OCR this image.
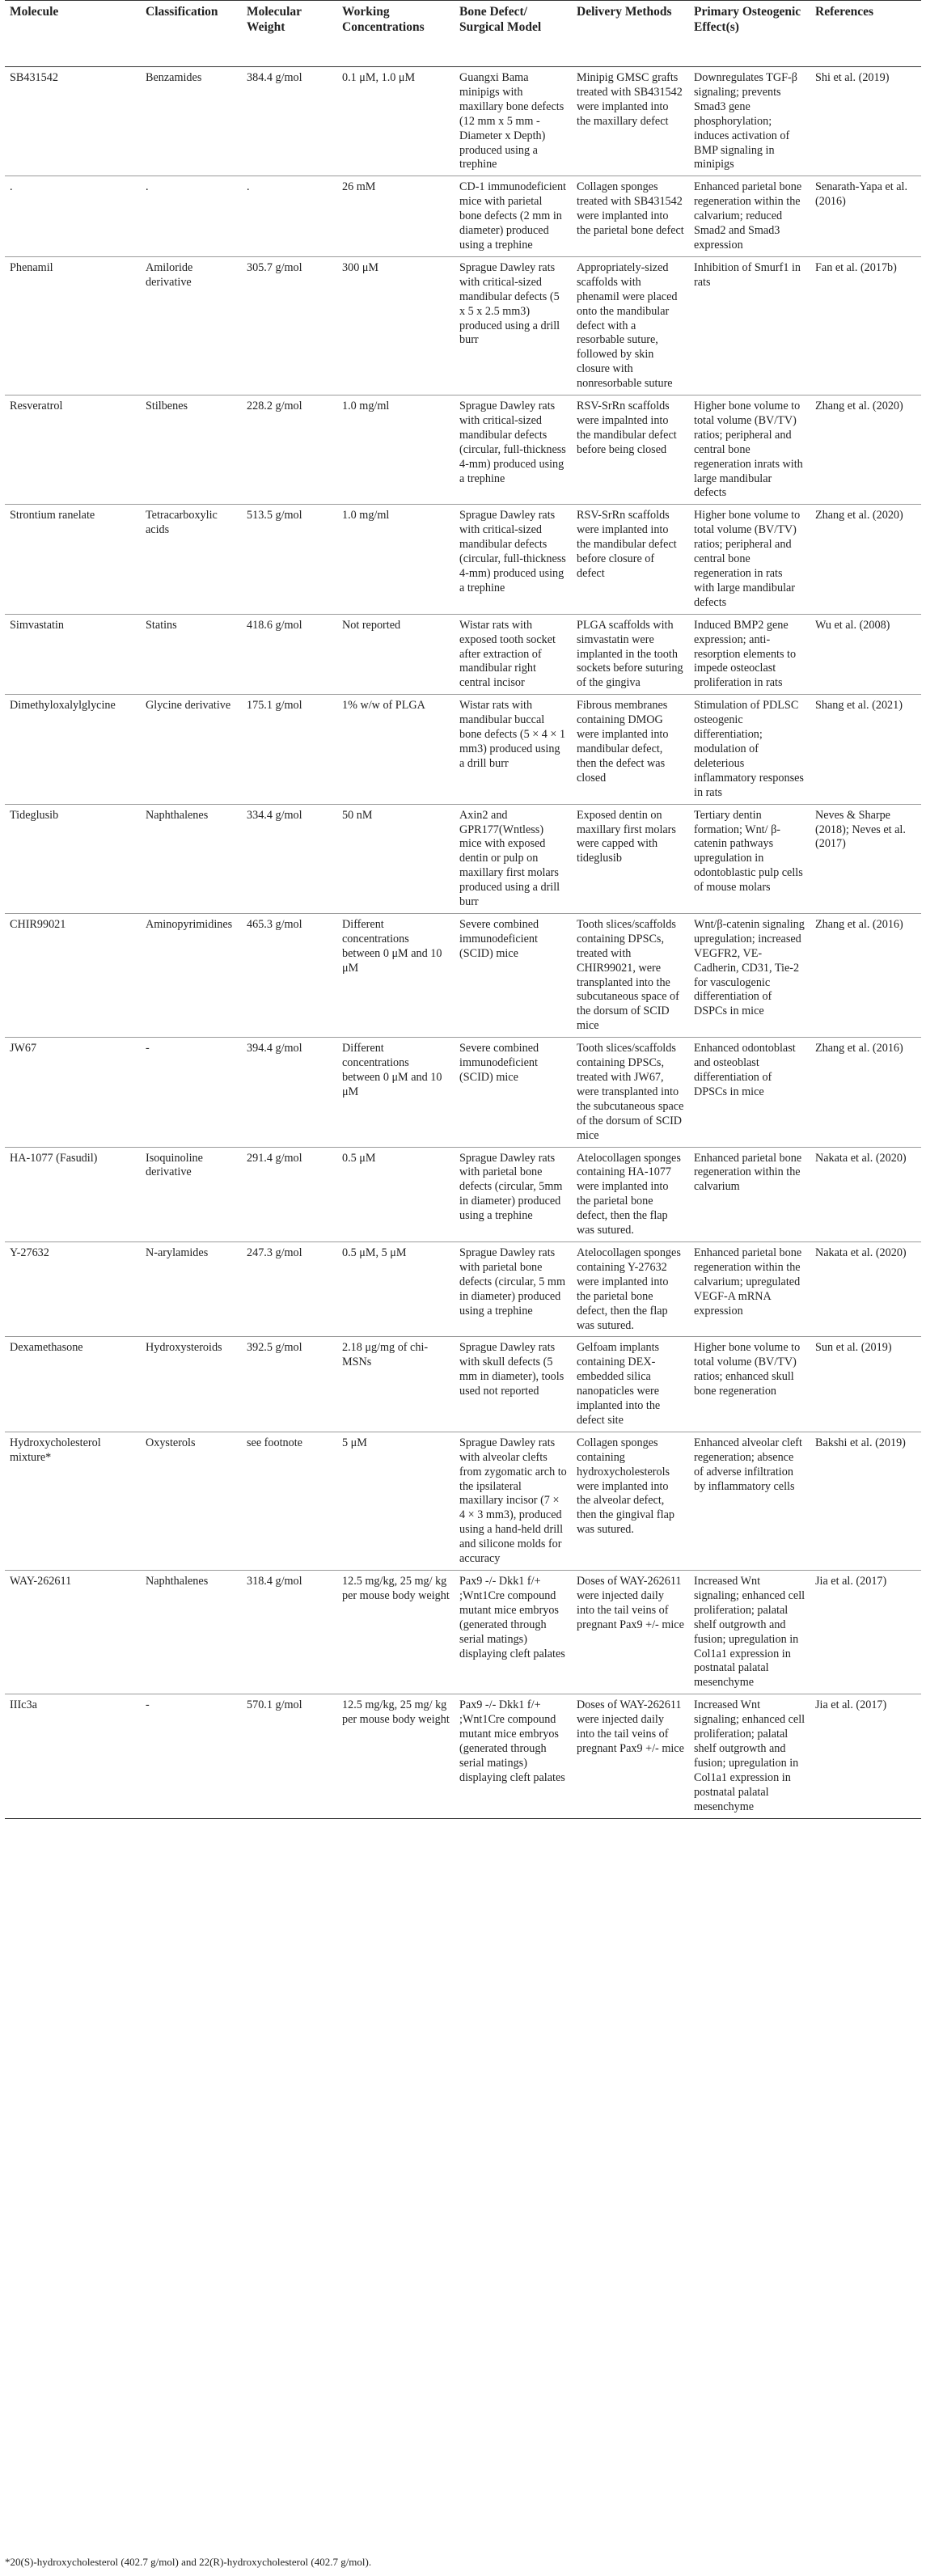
Molecule	Classification	Molecular Weight	Working Concentrations	Bone Defect/ Surgical Model	Delivery Methods	Primary Osteogenic Effect(s)	References
SB431542	Benzamides	384.4 g/mol	0.1 μM, 1.0 μM	Guangxi Bama minipigs with maxillary bone defects (12 mm x 5 mm - Diameter x Depth) produced using a trephine	Minipig GMSC grafts treated with SB431542 were implanted into the maxillary defect	Downregulates TGF-β signaling; prevents Smad3 gene phosphorylation; induces activation of BMP signaling in minipigs	Shi et al. (2019)
.	.	.	26 mM	CD-1 immunodeficient mice with parietal bone defects (2 mm in diameter) produced using a trephine	Collagen sponges treated with SB431542 were implanted into the parietal bone defect	Enhanced parietal bone regeneration within the calvarium; reduced Smad2 and Smad3 expression	Senarath-Yapa et al. (2016)
Phenamil	Amiloride derivative	305.7 g/mol	300 μM	Sprague Dawley rats with critical-sized mandibular defects (5 x 5 x 2.5 mm3) produced using a drill burr	Appropriately-sized scaffolds with phenamil were placed onto the mandibular defect with a resorbable suture, followed by skin closure with nonresorbable suture	Inhibition of Smurf1 in rats	Fan et al. (2017b)
Resveratrol	Stilbenes	228.2 g/mol	1.0 mg/ml	Sprague Dawley rats with critical-sized mandibular defects (circular, full-thickness 4-mm) produced using a trephine	RSV-SrRn scaffolds were impalnted into the mandibular defect before being closed	Higher bone volume to total volume (BV/TV) ratios; peripheral and central bone regeneration inrats with large mandibular defects	Zhang et al. (2020)
Strontium ranelate	Tetracarboxylic acids	513.5 g/mol	1.0 mg/ml	Sprague Dawley rats with critical-sized mandibular defects (circular, full-thickness 4-mm) produced using a trephine	RSV-SrRn scaffolds were implanted into the mandibular defect before closure of defect	Higher bone volume to total volume (BV/TV) ratios; peripheral and central bone regeneration in rats with large mandibular defects	Zhang et al. (2020)
Simvastatin	Statins	418.6 g/mol	Not reported	Wistar rats with exposed tooth socket after extraction of mandibular right central incisor	PLGA scaffolds with simvastatin were implanted in the tooth sockets before suturing of the gingiva	Induced BMP2 gene expression; anti-resorption elements to impede osteoclast proliferation in rats	Wu et al. (2008)
Dimethyloxalylglycine	Glycine derivative	175.1 g/mol	1% w/w of PLGA	Wistar rats with mandibular buccal bone defects (5 × 4 × 1 mm3) produced using a drill burr	Fibrous membranes containing DMOG were implanted into mandibular defect, then the defect was closed	Stimulation of PDLSC osteogenic differentiation; modulation of deleterious inflammatory responses in rats	Shang et al. (2021)
Tideglusib	Naphthalenes	334.4 g/mol	50 nM	Axin2 and GPR177(Wntless) mice with exposed dentin or pulp on maxillary first molars produced using a drill burr	Exposed dentin on maxillary first molars were capped with tideglusib	Tertiary dentin formation; Wnt/ β-catenin pathways upregulation in odontoblastic pulp cells of mouse molars	Neves & Sharpe (2018); Neves et al. (2017)
CHIR99021	Aminopyrimidines	465.3 g/mol	Different concentrations between 0 μM and 10 μM	Severe combined immunodeficient (SCID) mice	Tooth slices/scaffolds containing DPSCs, treated with CHIR99021, were transplanted into the subcutaneous space of the dorsum of SCID mice	Wnt/β-catenin signaling upregulation; increased VEGFR2, VE-Cadherin, CD31, Tie-2 for vasculogenic differentiation of DSPCs in mice	Zhang et al. (2016)
JW67	-	394.4 g/mol	Different concentrations between 0 μM and 10 μM	Severe combined immunodeficient (SCID) mice	Tooth slices/scaffolds containing DPSCs, treated with JW67, were transplanted into the subcutaneous space of the dorsum of SCID mice	Enhanced odontoblast and osteoblast differentiation of DPSCs in mice	Zhang et al. (2016)
HA-1077 (Fasudil)	Isoquinoline derivative	291.4 g/mol	0.5 μM	Sprague Dawley rats with parietal bone defects (circular, 5mm in diameter) produced using a trephine	Atelocollagen sponges containing HA-1077 were implanted into the parietal bone defect, then the flap was sutured.	Enhanced parietal bone regeneration within the calvarium	Nakata et al. (2020)
Y-27632	N-arylamides	247.3 g/mol	0.5 μM, 5 μM	Sprague Dawley rats with parietal bone defects (circular, 5 mm in diameter) produced using a trephine	Atelocollagen sponges containing Y-27632 were implanted into the parietal bone defect, then the flap was sutured.	Enhanced parietal bone regeneration within the calvarium; upregulated VEGF-A mRNA expression	Nakata et al. (2020)
Dexamethasone	Hydroxysteroids	392.5 g/mol	2.18 μg/mg of chi-MSNs	Sprague Dawley rats with skull defects (5 mm in diameter), tools used not reported	Gelfoam implants containing DEX-embedded silica nanopaticles were implanted into the defect site	Higher bone volume to total volume (BV/TV) ratios; enhanced skull bone regeneration	Sun et al. (2019)
Hydroxycholesterol mixture*	Oxysterols	see footnote	5 μM	Sprague Dawley rats with alveolar clefts from zygomatic arch to the ipsilateral maxillary incisor (7 × 4 × 3 mm3), produced using a hand-held drill and silicone molds for accuracy	Collagen sponges containing hydroxycholesterols were implanted into the alveolar defect, then the gingival flap was sutured.	Enhanced alveolar cleft regeneration; absence of adverse infiltration by inflammatory cells	Bakshi et al. (2019)
WAY-262611	Naphthalenes	318.4 g/mol	12.5 mg/kg, 25 mg/ kg per mouse body weight	Pax9 -/- Dkk1 f/+ ;Wnt1Cre compound mutant mice embryos (generated through serial matings) displaying cleft palates	Doses of WAY-262611 were injected daily into the tail veins of pregnant Pax9 +/- mice	Increased Wnt signaling; enhanced cell proliferation; palatal shelf outgrowth and fusion; upregulation in Col1a1 expression in postnatal palatal mesenchyme	Jia et al. (2017)
IIIc3a	-	570.1 g/mol	12.5 mg/kg, 25 mg/ kg per mouse body weight	Pax9 -/- Dkk1 f/+ ;Wnt1Cre compound mutant mice embryos (generated through serial matings) displaying cleft palates	Doses of WAY-262611 were injected daily into the tail veins of pregnant Pax9 +/- mice	Increased Wnt signaling; enhanced cell proliferation; palatal shelf outgrowth and fusion; upregulation in Col1a1 expression in postnatal palatal mesenchyme	Jia et al. (2017)
*20(S)-hydroxycholesterol (402.7 g/mol) and 22(R)-hydroxycholesterol (402.7 g/mol).
